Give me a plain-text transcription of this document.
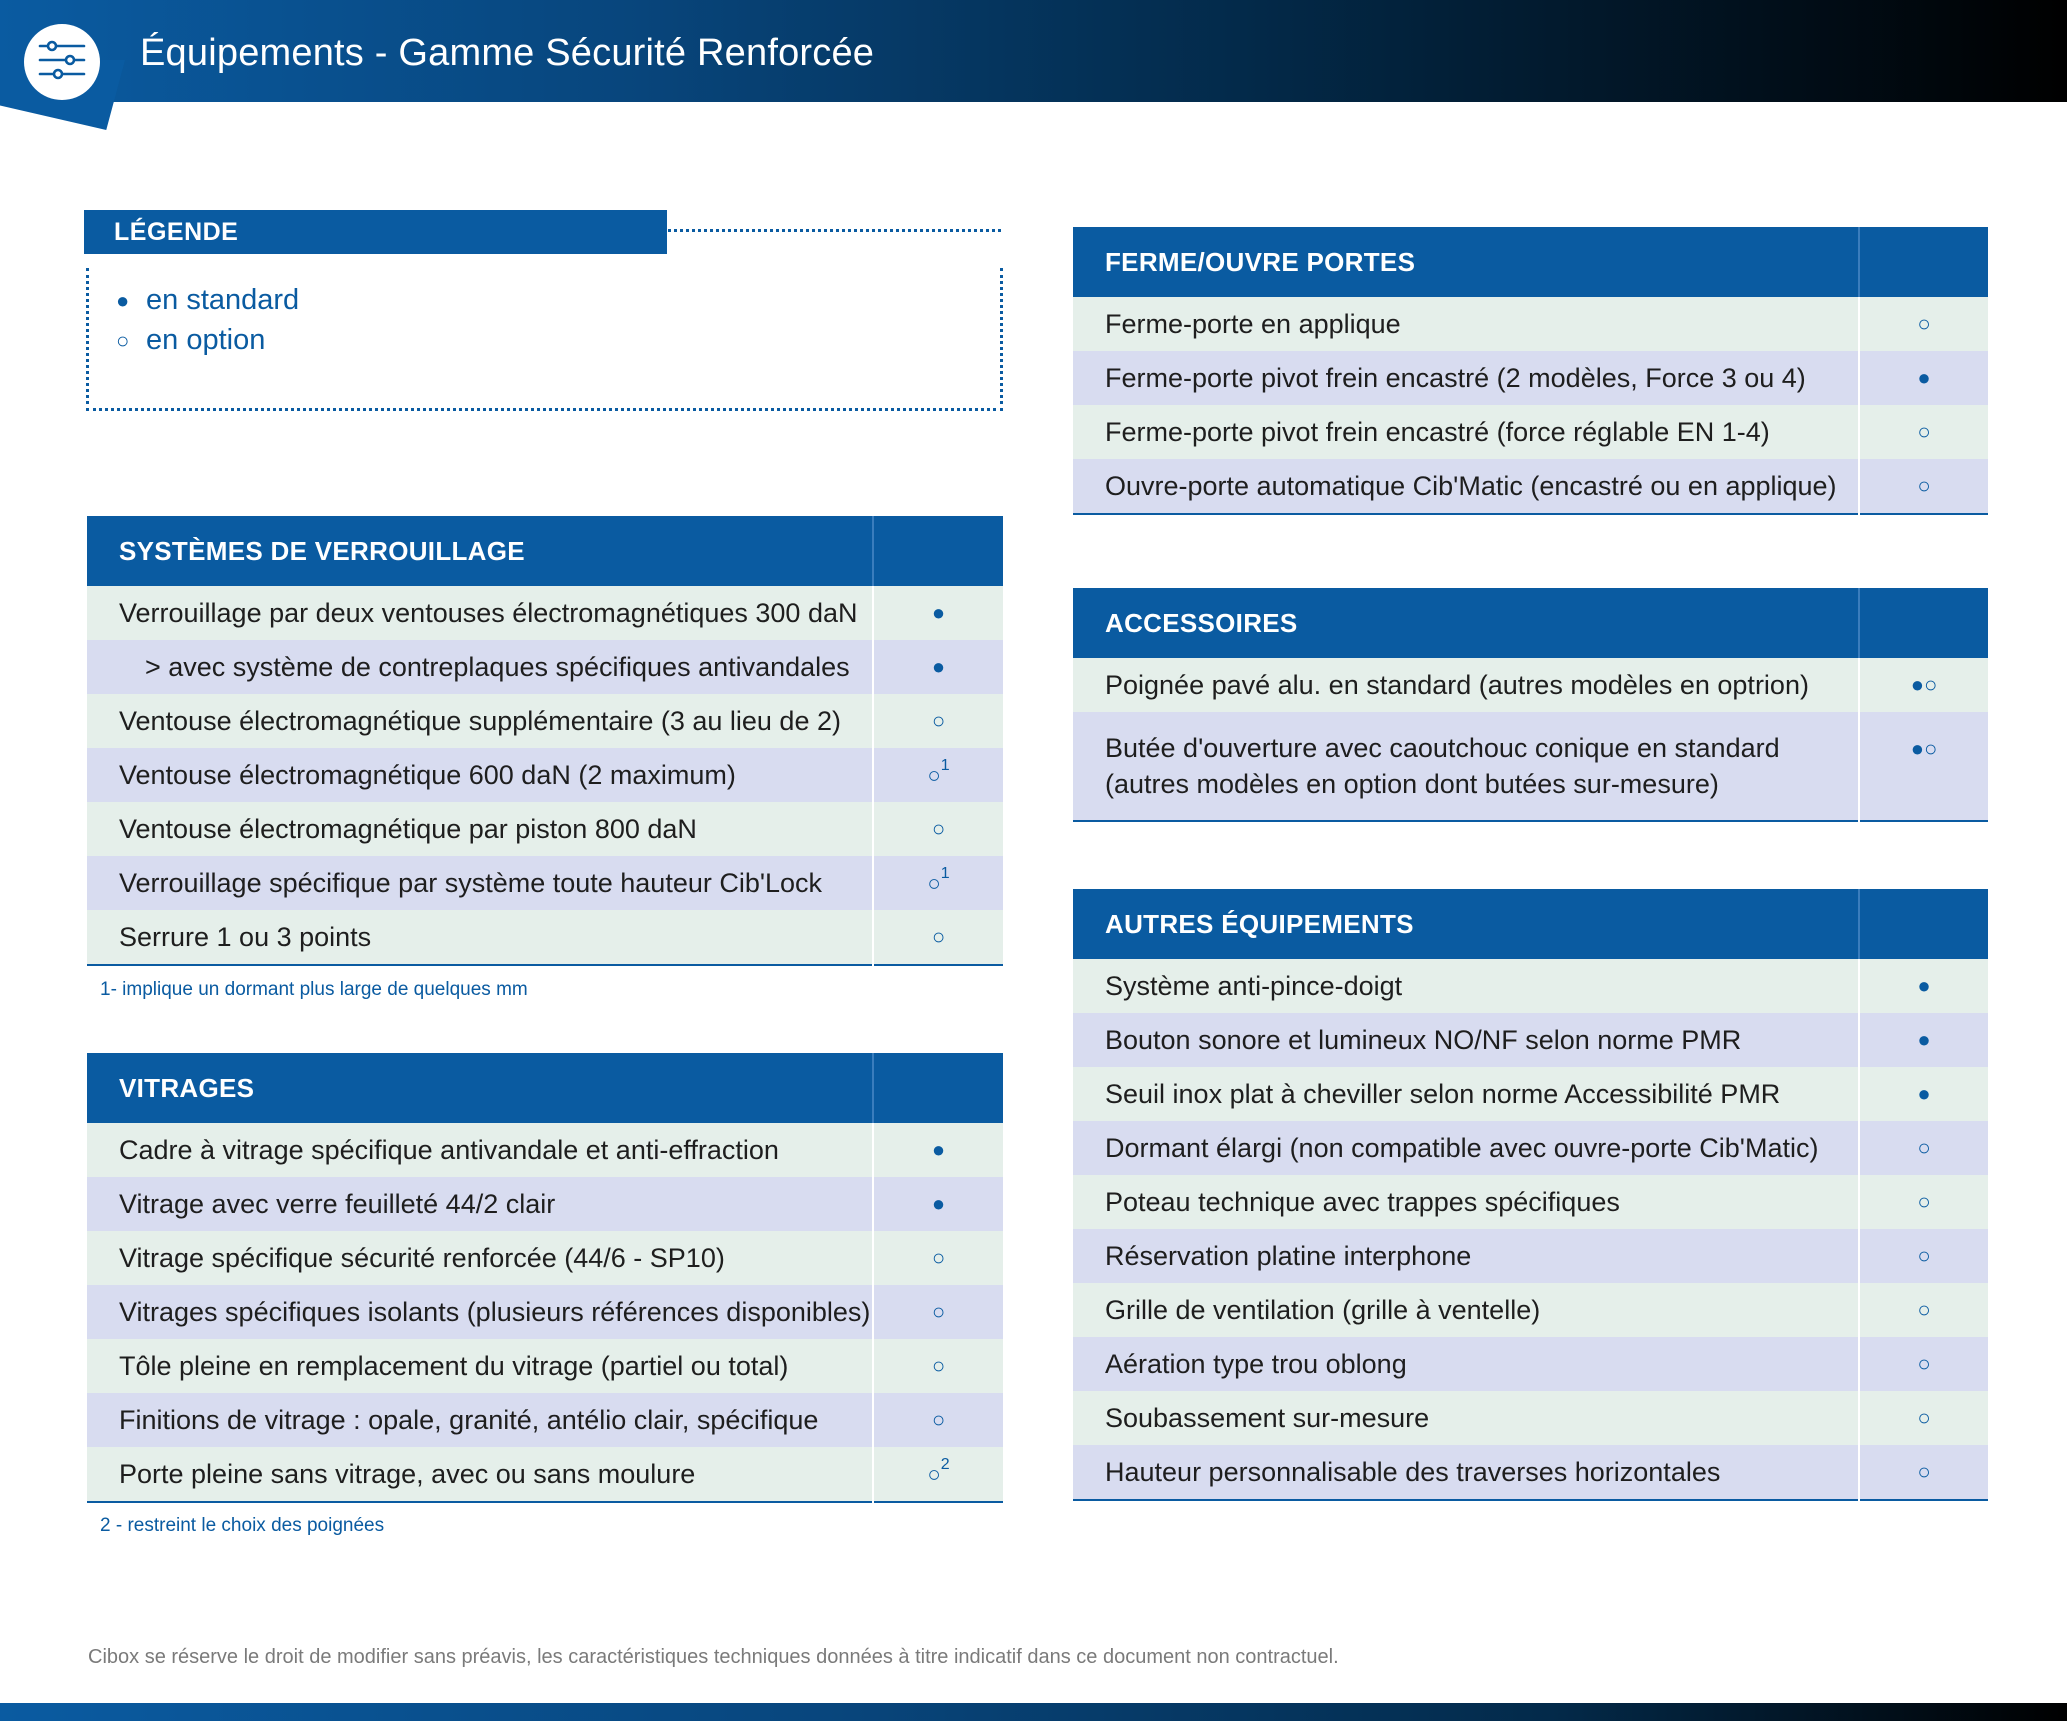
Équipements - Gamme Sécurité Renforcée
LÉGENDE
● en standard
○ en option
SYSTÈMES DE VERROUILLAGE	
Verrouillage par deux ventouses électromagnétiques 300 daN	●
> avec système de contreplaques spécifiques antivandales	●
Ventouse électromagnétique supplémentaire (3 au lieu de 2)	○
Ventouse électromagnétique 600 daN (2 maximum)	○$^1$
Ventouse électromagnétique par piston 800 daN	○
Verrouillage spécifique par système toute hauteur Cib'Lock	○$^1$
Serrure 1 ou 3 points	○
1- implique un dormant plus large de quelques mm
VITRAGES	
Cadre à vitrage spécifique antivandale et anti-effraction	●
Vitrage avec verre feuilleté 44/2 clair	●
Vitrage spécifique sécurité renforcée (44/6 - SP10)	○
Vitrages spécifiques isolants (plusieurs références disponibles)	○
Tôle pleine en remplacement du vitrage (partiel ou total)	○
Finitions de vitrage : opale, granité, antélio clair, spécifique	○
Porte pleine sans vitrage, avec ou sans moulure	○$^2$
2 - restreint le choix des poignées
FERME/OUVRE PORTES	
Ferme-porte en applique	○
Ferme-porte pivot frein encastré (2 modèles, Force 3 ou 4)	●
Ferme-porte pivot frein encastré (force réglable EN 1-4)	○
Ouvre-porte automatique Cib'Matic (encastré ou en applique)	○
ACCESSOIRES	
Poignée pavé alu. en standard (autres modèles en optrion)	●○

Butée d'ouverture avec caoutchouc conique en standard
(autres modèles en option dont butées sur-mesure)	●○
AUTRES ÉQUIPEMENTS	
Système anti-pince-doigt	●
Bouton sonore et lumineux NO/NF selon norme PMR	●
Seuil inox plat à cheviller selon norme Accessibilité PMR	●
Dormant élargi (non compatible avec ouvre-porte Cib'Matic)	○
Poteau technique avec trappes spécifiques	○
Réservation platine interphone	○
Grille de ventilation (grille à ventelle)	○
Aération type trou oblong	○
Soubassement sur-mesure	○
Hauteur personnalisable des traverses horizontales	○
Cibox se réserve le droit de modifier sans préavis, les caractéristiques techniques données à titre indicatif dans ce document non contractuel.
